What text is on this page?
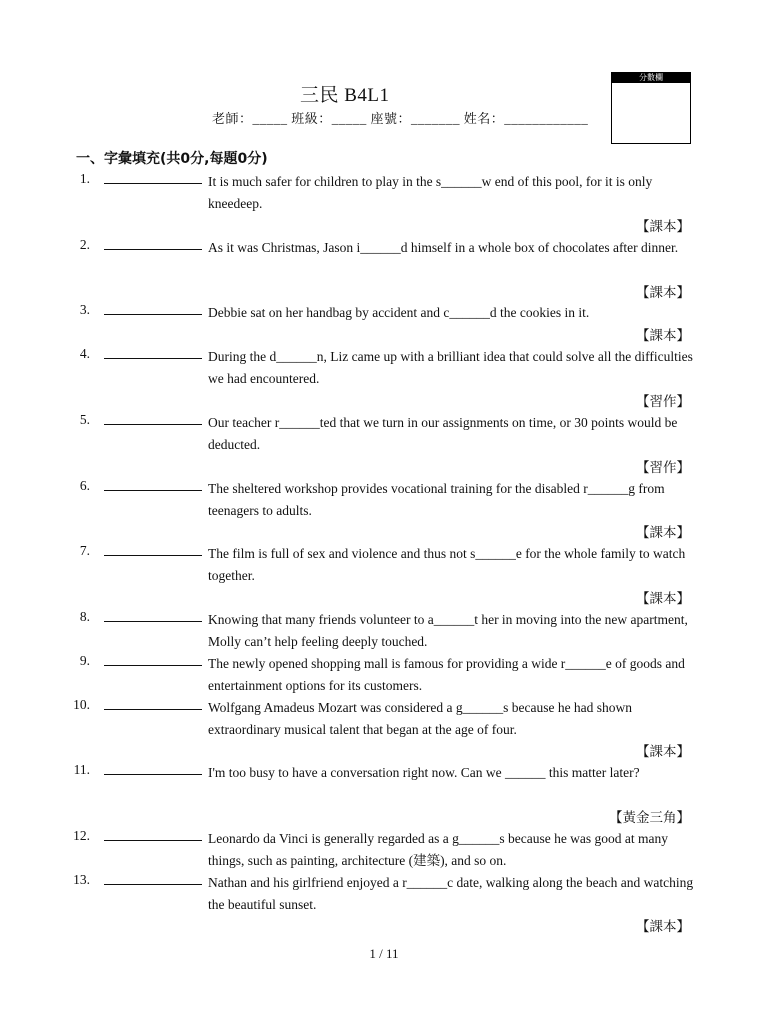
三民 B4L1
老師：_____ 班級：_____ 座號：_______ 姓名：____________
分數欄
一、字彙填充(共0分,每題0分)
1.	It is much safer for children to play in the s______w end of this pool, for it is only kneedeep.
【課本】
2.	As it was Christmas, Jason i______d himself in a whole box of chocolates after dinner.
【課本】
3.	Debbie sat on her handbag by accident and c______d the cookies in it.
【課本】
4.	During the d______n, Liz came up with a brilliant idea that could solve all the difficulties we had encountered.
【習作】
5.	Our teacher r______ted that we turn in our assignments on time, or 30 points would be deducted.
【習作】
6.	The sheltered workshop provides vocational training for the disabled r______g from teenagers to adults.
【課本】
7.	The film is full of sex and violence and thus not s______e for the whole family to watch together.
【課本】
8.	Knowing that many friends volunteer to a______t her in moving into the new apartment, Molly can’t help feeling deeply touched.
9.	The newly opened shopping mall is famous for providing a wide r______e of goods and entertainment options for its customers.
10.	Wolfgang Amadeus Mozart was considered a g______s because he had shown extraordinary musical talent that began at the age of four.
【課本】
11.	I'm too busy to have a conversation right now. Can we ______ this matter later?
【黃金三角】
12.	Leonardo da Vinci is generally regarded as a g______s because he was good at many things, such as painting, architecture (建築), and so on.
13.	Nathan and his girlfriend enjoyed a r______c date, walking along the beach and watching the beautiful sunset.
【課本】
1 / 11
